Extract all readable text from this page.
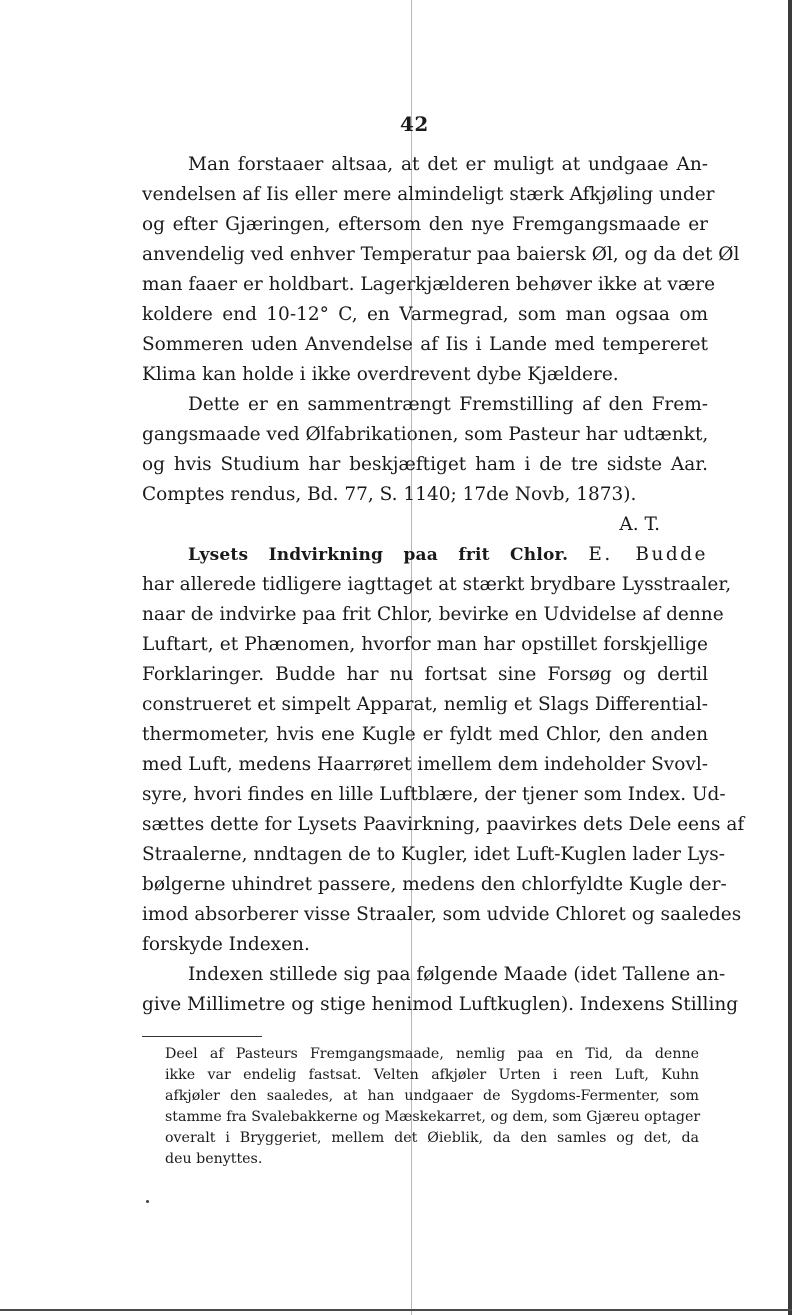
42
Man forstaaer altsaa, at det er muligt at undgaae An-
vendelsen af Iis eller mere almindeligt stærk Afkjøling under
og efter Gjæringen, eftersom den nye Fremgangsmaade er
anvendelig ved enhver Temperatur paa baiersk Øl, og da det Øl
man faaer er holdbart. Lagerkjælderen behøver ikke at være
koldere end 10-12° C, en Varmegrad, som man ogsaa om
Sommeren uden Anvendelse af Iis i Lande med tempereret
Klima kan holde i ikke overdrevent dybe Kjældere.
Dette er en sammentrængt Fremstilling af den Frem-
gangsmaade ved Ølfabrikationen, som Pasteur har udtænkt,
og hvis Studium har beskjæftiget ham i de tre sidste Aar.
Comptes rendus, Bd. 77, S. 1140; 17de Novb, 1873).
A. T.
Lysets Indvirkning paa frit Chlor. E. Budde
har allerede tidligere iagttaget at stærkt brydbare Lysstraaler,
naar de indvirke paa frit Chlor, bevirke en Udvidelse af denne
Luftart, et Phænomen, hvorfor man har opstillet forskjellige
Forklaringer. Budde har nu fortsat sine Forsøg og dertil
construeret et simpelt Apparat, nemlig et Slags Differential-
thermometer, hvis ene Kugle er fyldt med Chlor, den anden
med Luft, medens Haarrøret imellem dem indeholder Svovl-
syre, hvori findes en lille Luftblære, der tjener som Index. Ud-
sættes dette for Lysets Paavirkning, paavirkes dets Dele eens af
Straalerne, nndtagen de to Kugler, idet Luft-Kuglen lader Lys-
bølgerne uhindret passere, medens den chlorfyldte Kugle der-
imod absorberer visse Straaler, som udvide Chloret og saaledes
forskyde Indexen.
Indexen stillede sig paa følgende Maade (idet Tallene an-
give Millimetre og stige henimod Luftkuglen). Indexens Stilling
Deel af Pasteurs Fremgangsmaade, nemlig paa en Tid, da denne
ikke var endelig fastsat. Velten afkjøler Urten i reen Luft, Kuhn
afkjøler den saaledes, at han undgaaer de Sygdoms-Fermenter, som
stamme fra Svalebakkerne og Mæskekarret, og dem, som Gjæreu optager
overalt i Bryggeriet, mellem det Øieblik, da den samles og det, da
deu benyttes.
